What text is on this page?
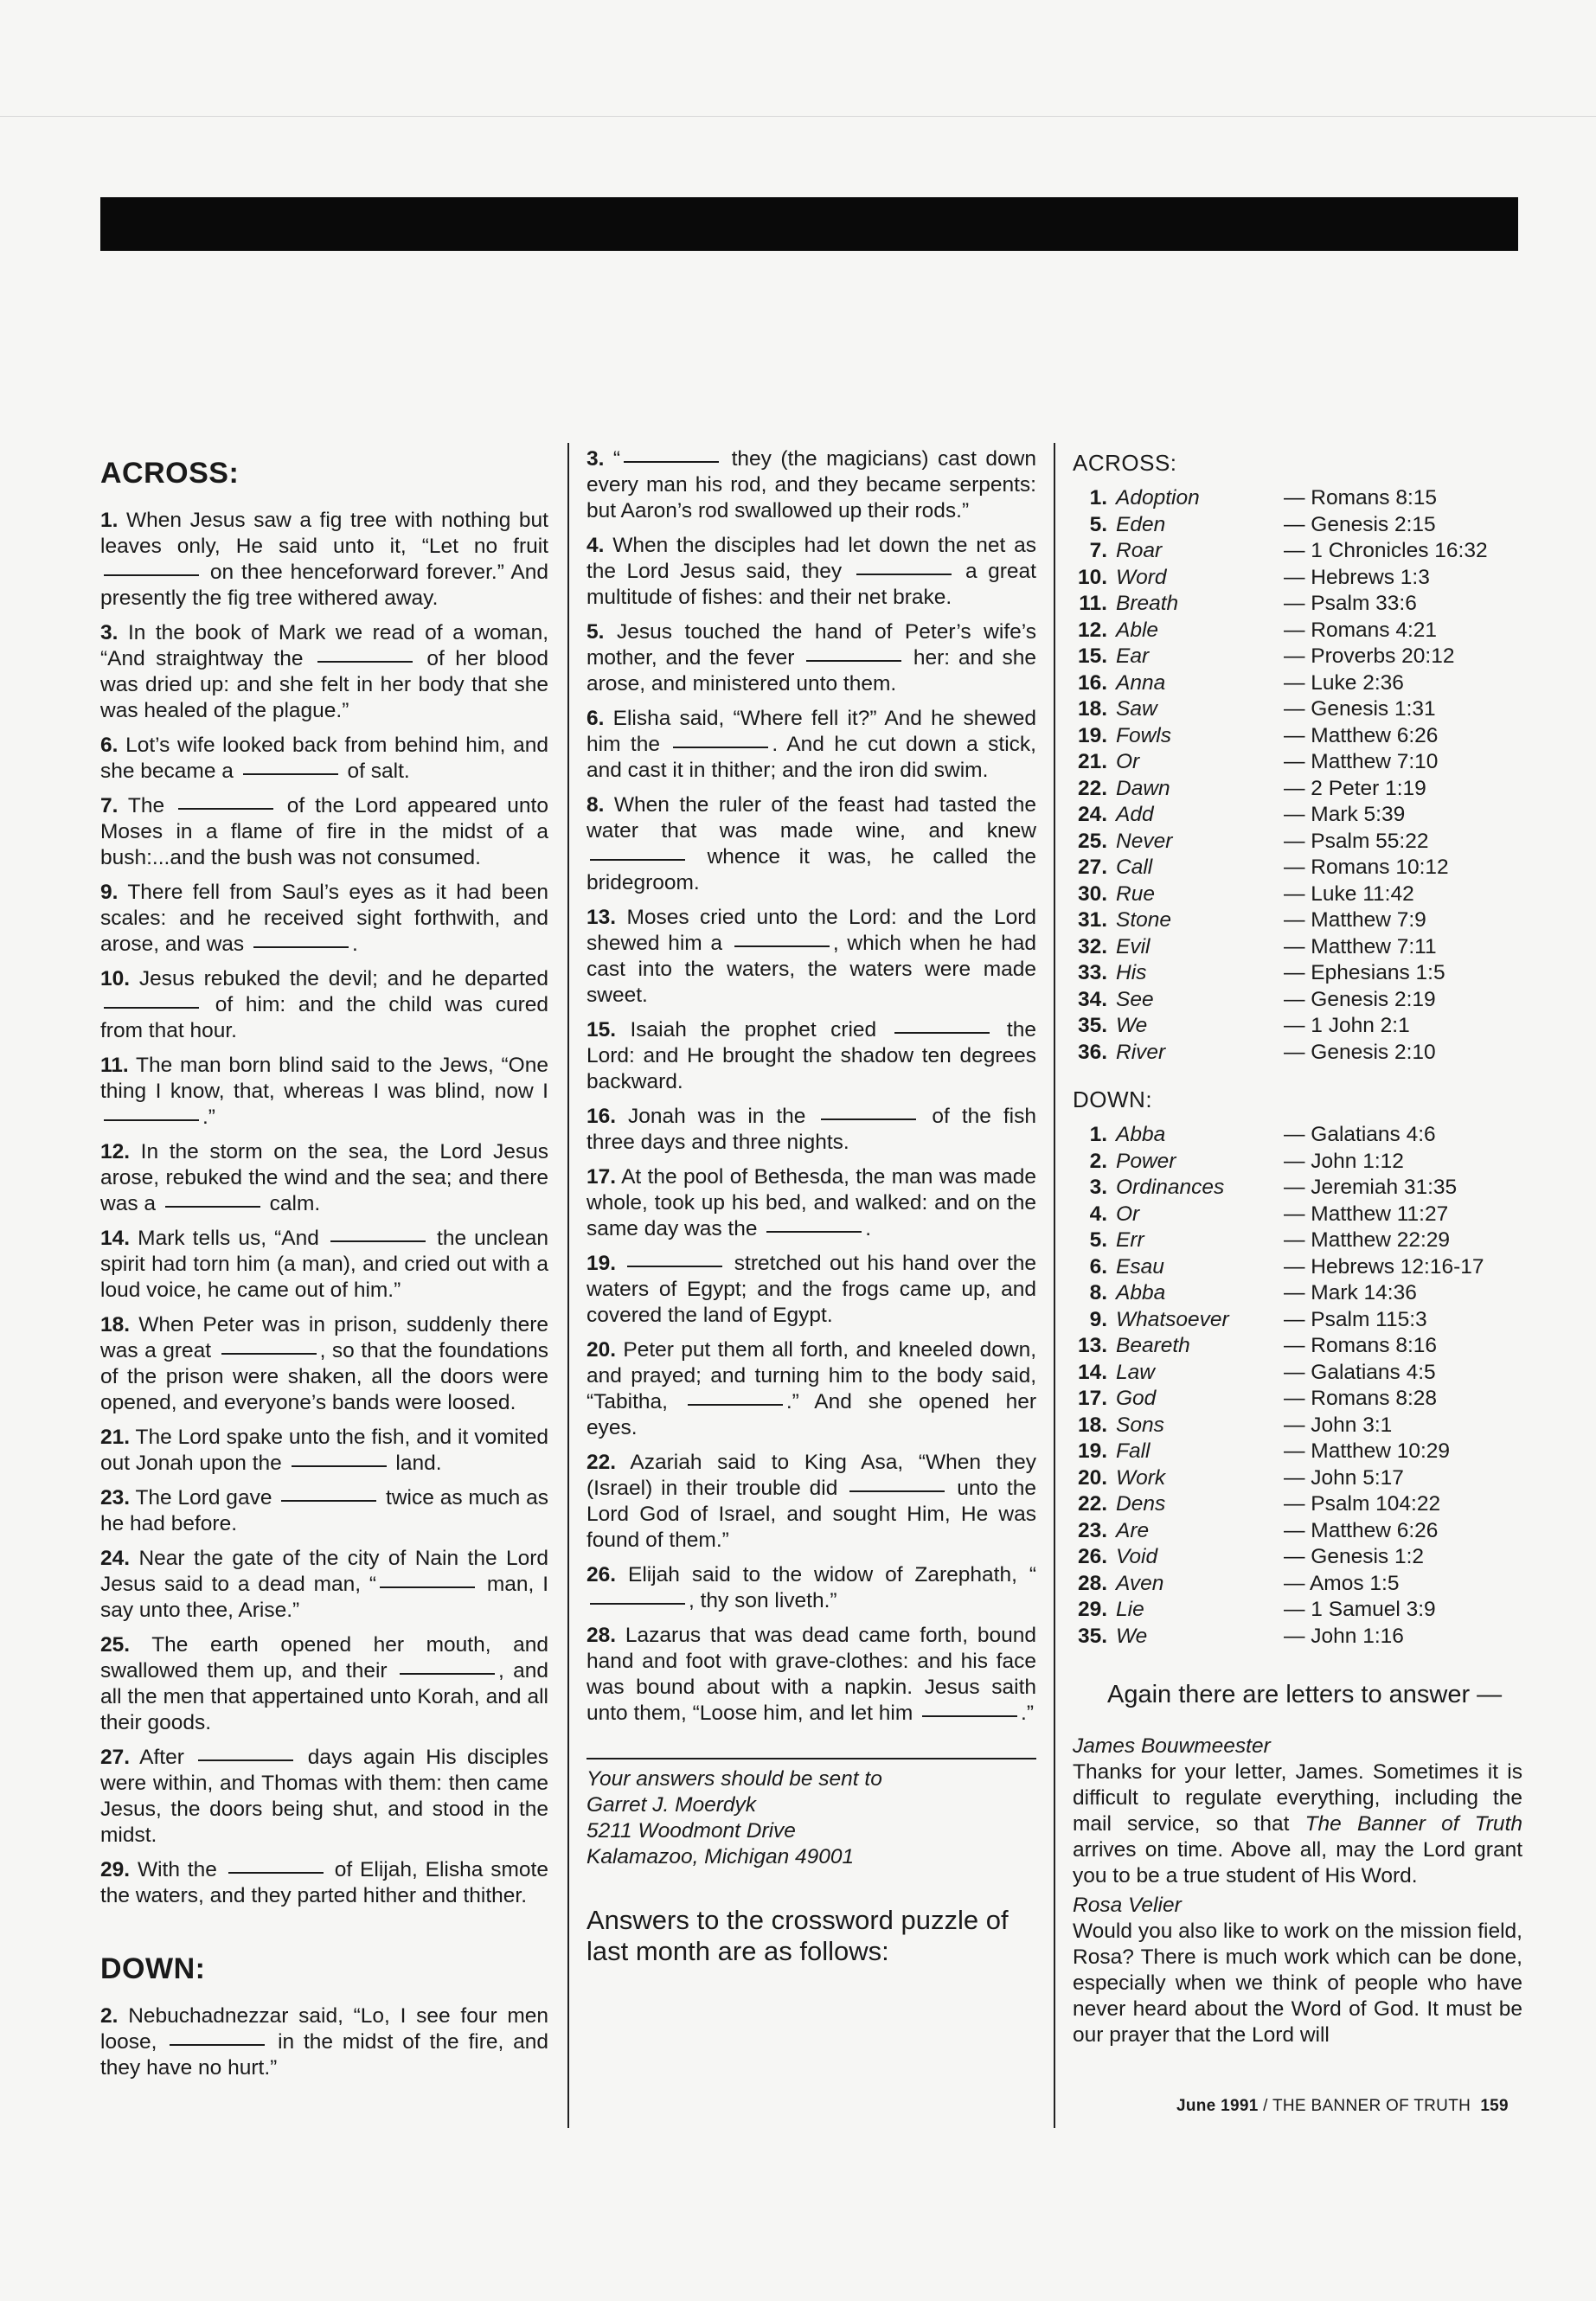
ACROSS:
1. When Jesus saw a fig tree with nothing but leaves only, He said unto it, “Let no fruit  on thee henceforward forever.” And presently the fig tree withered away.
3. In the book of Mark we read of a woman, “And straightway the	of her blood was dried up: and she felt in her body that she was healed of the plague.”
6. Lot’s wife looked back from behind him, and she became a	of salt.
7. The	of the Lord appeared unto Moses in a flame of fire in the midst of a bush:...and the bush was not consumed.
9. There fell from Saul’s eyes as it had been scales: and he received sight forthwith, and arose, and was	.
10. Jesus rebuked the devil; and he departed  of him: and the child was cured from that hour.
11. The man born blind said to the Jews, “One thing I know, that, whereas I was blind, now I .”
12. In the storm on the sea, the Lord Jesus arose, rebuked the wind and the sea; and there was a	calm.
14. Mark tells us, “And	the unclean spirit had torn him (a man), and cried out with a loud voice, he came out of him.”
18. When Peter was in prison, suddenly there was a great	, so that the foundations of the prison were shaken, all the doors were opened, and everyone’s bands were loosed.
21. The Lord spake unto the fish, and it vomited out Jonah upon the	land.
23. The Lord gave	twice as much as he had before.
24. Near the gate of the city of Nain the Lord Jesus said to a dead man, “	man, I say unto thee, Arise.”
25. The earth opened her mouth, and swallowed them up, and their	, and all the men that appertained unto Korah, and all their goods.
27. After	days again His disciples were within, and Thomas with them: then came Jesus, the doors being shut, and stood in the midst.
29. With the	of Elijah, Elisha smote the waters, and they parted hither and thither.
DOWN:
2. Nebuchadnezzar said, “Lo, I see four men loose,	in the midst of the fire, and they have no hurt.”
3. “	they (the magicians) cast down every man his rod, and they became serpents: but Aaron’s rod swallowed up their rods.”
4. When the disciples had let down the net as the Lord Jesus said, they	a great multitude of fishes: and their net brake.
5. Jesus touched the hand of Peter’s wife’s mother, and the fever	her: and she arose, and ministered unto them.
6. Elisha said, “Where fell it?” And he shewed him the	. And he cut down a stick, and cast it in thither; and the iron did swim.
8. When the ruler of the feast had tasted the water that was made wine, and knew  whence it was, he called the bridegroom.
13. Moses cried unto the Lord: and the Lord shewed him a	, which when he had cast into the waters, the waters were made sweet.
15. Isaiah the prophet cried	the Lord: and He brought the shadow ten degrees backward.
16. Jonah was in the	of the fish three days and three nights.
17. At the pool of Bethesda, the man was made whole, took up his bed, and walked: and on the same day was the	.
19.	stretched out his hand over the waters of Egypt; and the frogs came up, and covered the land of Egypt.
20. Peter put them all forth, and kneeled down, and prayed; and turning him to the body said, “Tabitha,	.” And she opened her eyes.
22. Azariah said to King Asa, “When they (Israel) in their trouble did	unto the Lord God of Israel, and sought Him, He was found of them.”
26. Elijah said to the widow of Zarephath, “, thy son liveth.”
28. Lazarus that was dead came forth, bound hand and foot with grave-clothes: and his face was bound about with a napkin. Jesus saith unto them, “Loose him, and let him	.”
Your answers should be sent to
Garret J. Moerdyk
5211 Woodmont Drive
Kalamazoo, Michigan 49001
Answers to the crossword puzzle of last month are as follows:
ACROSS:
1. Adoption	— Romans 8:15
5. Eden	— Genesis 2:15
7. Roar	— 1 Chronicles 16:32
10. Word	— Hebrews 1:3
11. Breath	— Psalm 33:6
12. Able	— Romans 4:21
15. Ear	— Proverbs 20:12
16. Anna	— Luke 2:36
18. Saw	— Genesis 1:31
19. Fowls	— Matthew 6:26
21. Or	— Matthew 7:10
22. Dawn	— 2 Peter 1:19
24. Add	— Mark 5:39
25. Never	— Psalm 55:22
27. Call	— Romans 10:12
30. Rue	— Luke 11:42
31. Stone	— Matthew 7:9
32. Evil	— Matthew 7:11
33. His	— Ephesians 1:5
34. See	— Genesis 2:19
35. We	— 1 John 2:1
36. River	— Genesis 2:10
DOWN:
1. Abba	— Galatians 4:6
2. Power	— John 1:12
3. Ordinances	— Jeremiah 31:35
4. Or	— Matthew 11:27
5. Err	— Matthew 22:29
6. Esau	— Hebrews 12:16-17
8. Abba	— Mark 14:36
9. Whatsoever	— Psalm 115:3
13. Beareth	— Romans 8:16
14. Law	— Galatians 4:5
17. God	— Romans 8:28
18. Sons	— John 3:1
19. Fall	— Matthew 10:29
20. Work	— John 5:17
22. Dens	— Psalm 104:22
23. Are	— Matthew 6:26
26. Void	— Genesis 1:2
28. Aven	— Amos 1:5
29. Lie	— 1 Samuel 3:9
35. We	— John 1:16
Again there are letters to answer —
James Bouwmeester
Thanks for your letter, James. Sometimes it is difficult to regulate everything, including the mail service, so that The Banner of Truth arrives on time. Above all, may the Lord grant you to be a true student of His Word.
Rosa Velier
Would you also like to work on the mission field, Rosa? There is much work which can be done, especially when we think of people who have never heard about the Word of God. It must be our prayer that the Lord will
June 1991 / THE BANNER OF TRUTH 159
